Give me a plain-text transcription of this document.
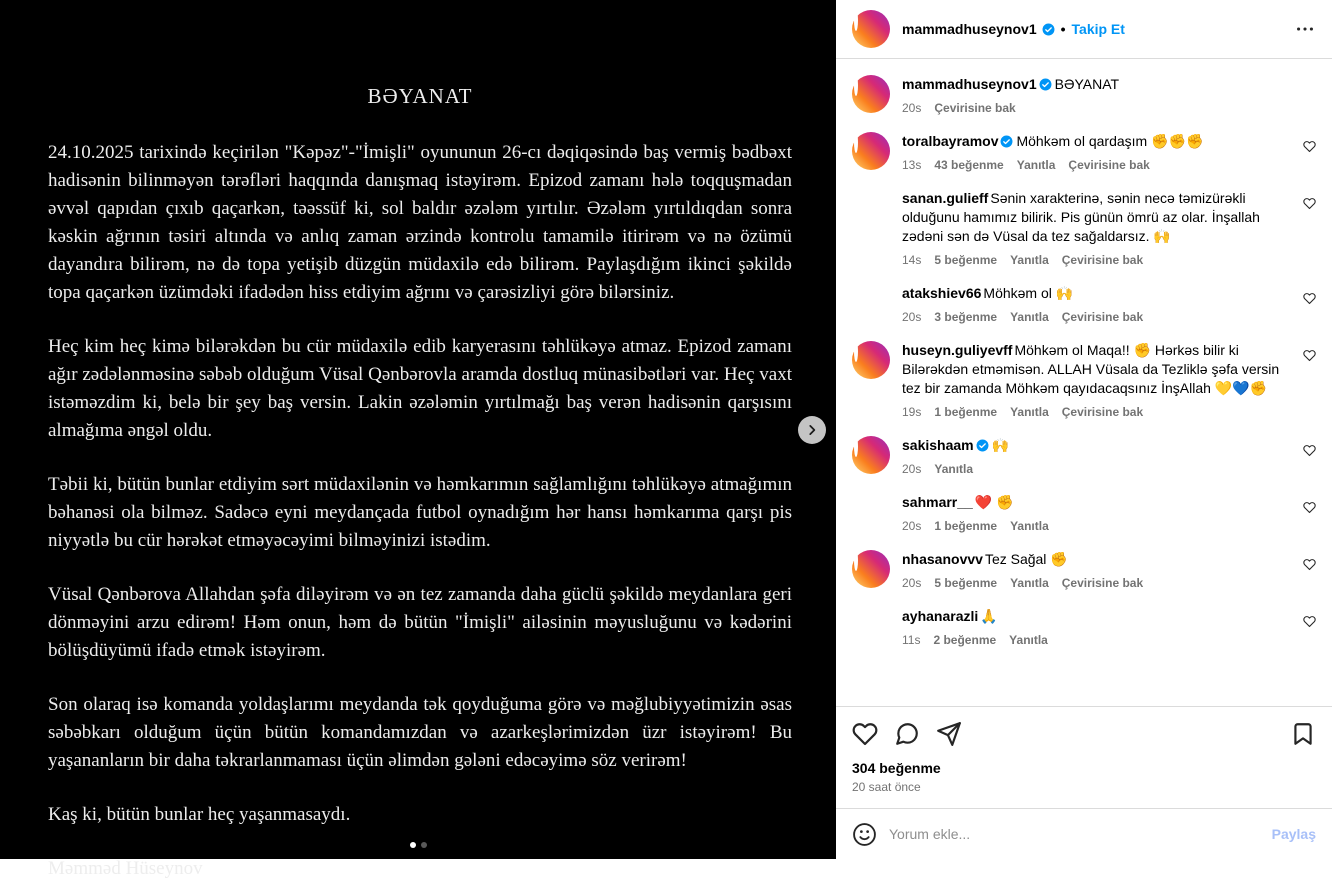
BƏYANAT

24.10.2025 tarixində keçirilən "Kəpəz"-"İmişli" oyununun 26-cı dəqiqəsində baş vermiş bədbəxt hadisənin bilinməyən tərəfləri haqqında danışmaq istəyirəm. Epizod zamanı hələ toqquşmadan əvvəl qapıdan çıxıb qaçarkən, təəssüf ki, sol baldır əzələm yırtılır. Əzələm yırtıldıqdan sonra kəskin ağrının təsiri altında və anlıq zaman ərzində kontrolu tamamilə itirirəm və nə özümü dayandıra bilirəm, nə də topa yetişib düzgün müdaxilə edə bilirəm. Paylaşdığım ikinci şəkildə topa qaçarkən üzümdəki ifadədən hiss etdiyim ağrını və çarəsizliyi görə bilərsiniz.

Heç kim heç kimə bilərəkdən bu cür müdaxilə edib karyerasını təhlükəyə atmaz. Epizod zamanı ağır zədələnməsinə səbəb olduğum Vüsal Qənbərovla aramda dostluq münasibətləri var. Heç vaxt istəməzdim ki, belə bir şey baş versin. Lakin əzələmin yırtılmağı baş verən hadisənin qarşısını almağıma əngəl oldu.

Təbii ki, bütün bunlar etdiyim sərt müdaxilənin və həmkarımın sağlamlığını təhlükəyə atmağımın bəhanəsi ola bilməz. Sadəcə eyni meydançada futbol oynadığım hər hansı həmkarıma qarşı pis niyyətlə bu cür hərəkət etməyəcəyimi bilməyinizi istədim.

Vüsal Qənbərova Allahdan şəfa diləyirəm və ən tez zamanda daha güclü şəkildə meydanlara geri dönməyini arzu edirəm! Həm onun, həm də bütün "İmişli" ailəsinin məyusluğunu və kədərini bölüşdüyümü ifadə etmək istəyirəm.

Son olaraq isə komanda yoldaşlarımı meydanda tək qoyduğuma görə və məğlubiyyətimizin əsas səbəbkarı olduğum üçün bütün komandamızdan və azarkeşlərimizdən üzr istəyirəm! Bu yaşananların bir daha təkrarlanmaması üçün əlimdən gələni edəcəyimə söz verirəm!

Kaş ki, bütün bunlar heç yaşanmasaydı.

Məmməd Hüseynov

mammadhuseynov1 • Takip Et
mammadhuseynov1 BƏYANAT
20s Çevirisine bak
toralbayramov Möhkəm ol qardaşım ✊✊✊
13s 43 beğenme Yanıtla Çevirisine bak
sanan.gulieff Sənin xarakterinə, sənin necə təmizürəkli olduğunu hamımız bilirik. Pis günün ömrü az olar. İnşallah zədəni sən də Vüsal da tez sağaldarsız. 🙌
14s 5 beğenme Yanıtla Çevirisine bak
atakshiev66 Möhkəm ol 🙌
20s 3 beğenme Yanıtla Çevirisine bak
huseyn.guliyevff Möhkəm ol Maqa!! ✊ Hərkəs bilir ki Bilərəkdən etməmisən. ALLAH Vüsala da Tezliklə şəfa versin tez bir zamanda Möhkəm qayıdacaqsınız İnşAllah 💛💙✊
19s 1 beğenme Yanıtla Çevirisine bak
sakishaam 🙌
20s Yanıtla
sahmarr__ ❤️ ✊
20s 1 beğenme Yanıtla
nhasanovvv Tez Sağal ✊
20s 5 beğenme Yanıtla Çevirisine bak
ayhanarazli 🙏
11s 2 beğenme Yanıtla
304 beğenme
20 saat önce
Yorum ekle...
Paylaş
